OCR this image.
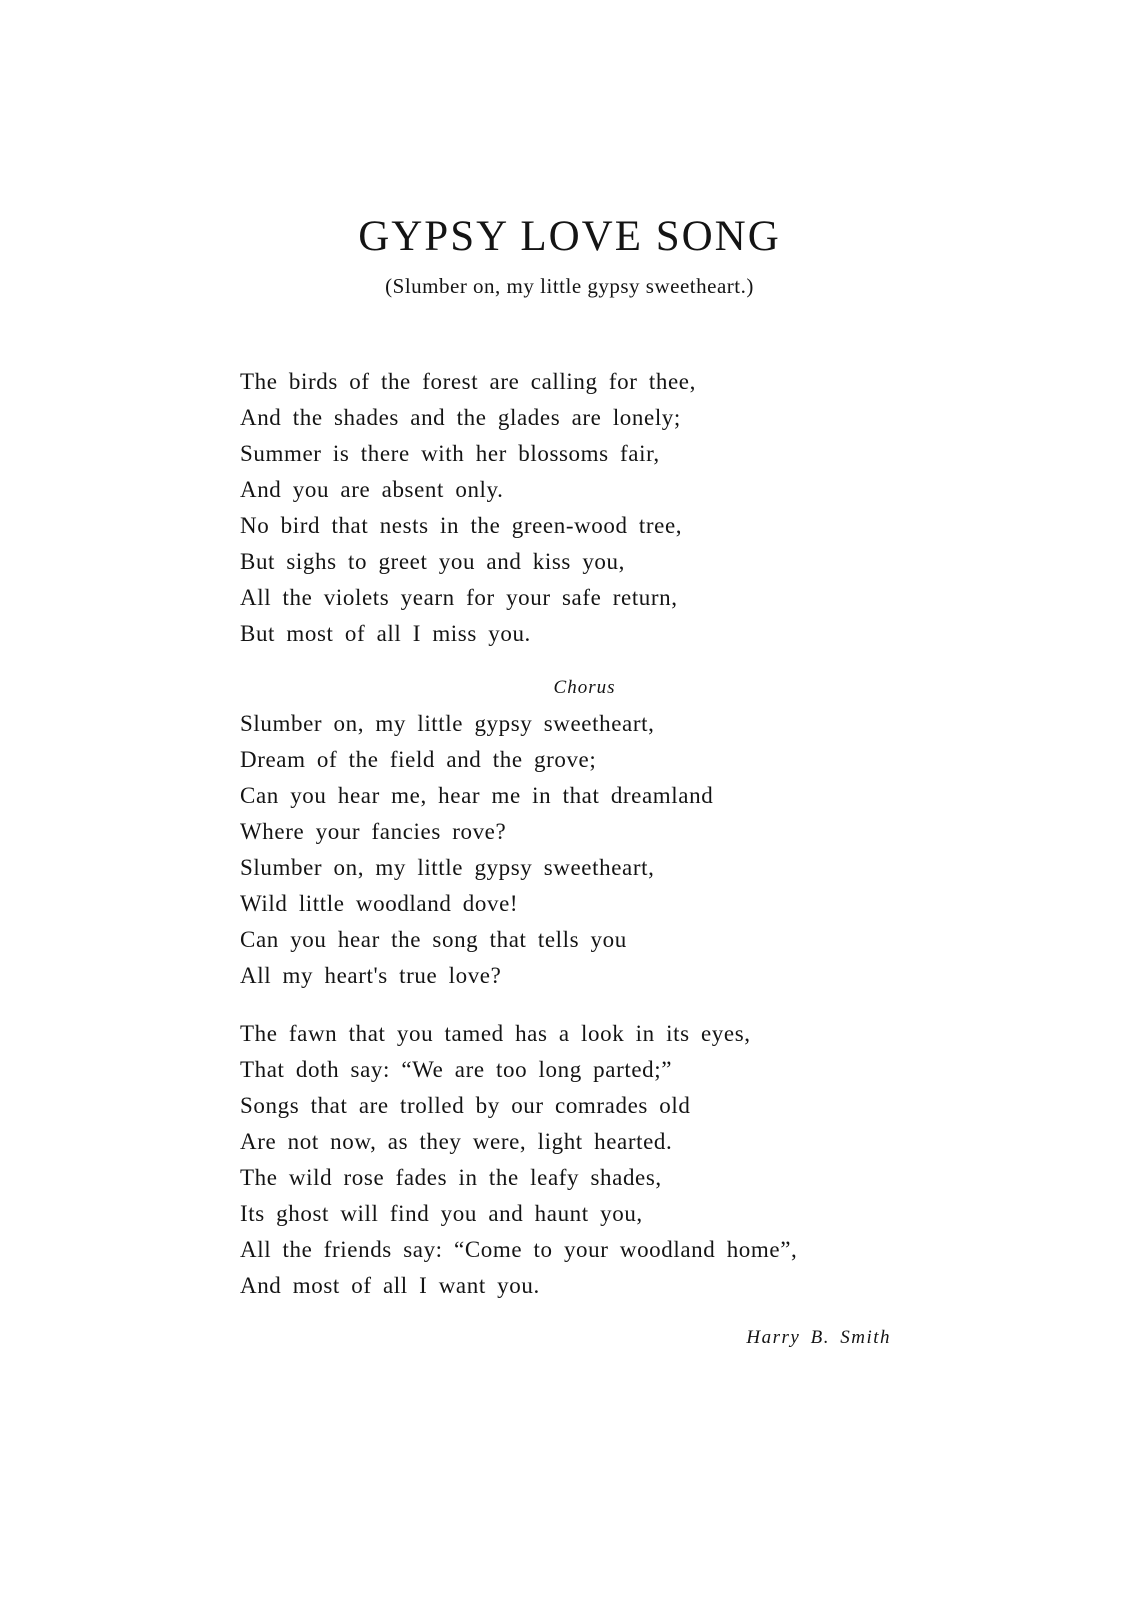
GYPSY LOVE SONG
(Slumber on, my little gypsy sweetheart.)
The birds of the forest are calling for thee,
And the shades and the glades are lonely;
Summer is there with her blossoms fair,
And you are absent only.
No bird that nests in the green-wood tree,
But sighs to greet you and kiss you,
All the violets yearn for your safe return,
But most of all I miss you.
Chorus
Slumber on, my little gypsy sweetheart,
Dream of the field and the grove;
Can you hear me, hear me in that dreamland
Where your fancies rove?
Slumber on, my little gypsy sweetheart,
Wild little woodland dove!
Can you hear the song that tells you
All my heart's true love?
The fawn that you tamed has a look in its eyes,
That doth say: “We are too long parted;”
Songs that are trolled by our comrades old
Are not now, as they were, light hearted.
The wild rose fades in the leafy shades,
Its ghost will find you and haunt you,
All the friends say: “Come to your woodland home”,
And most of all I want you.
Harry B. Smith
